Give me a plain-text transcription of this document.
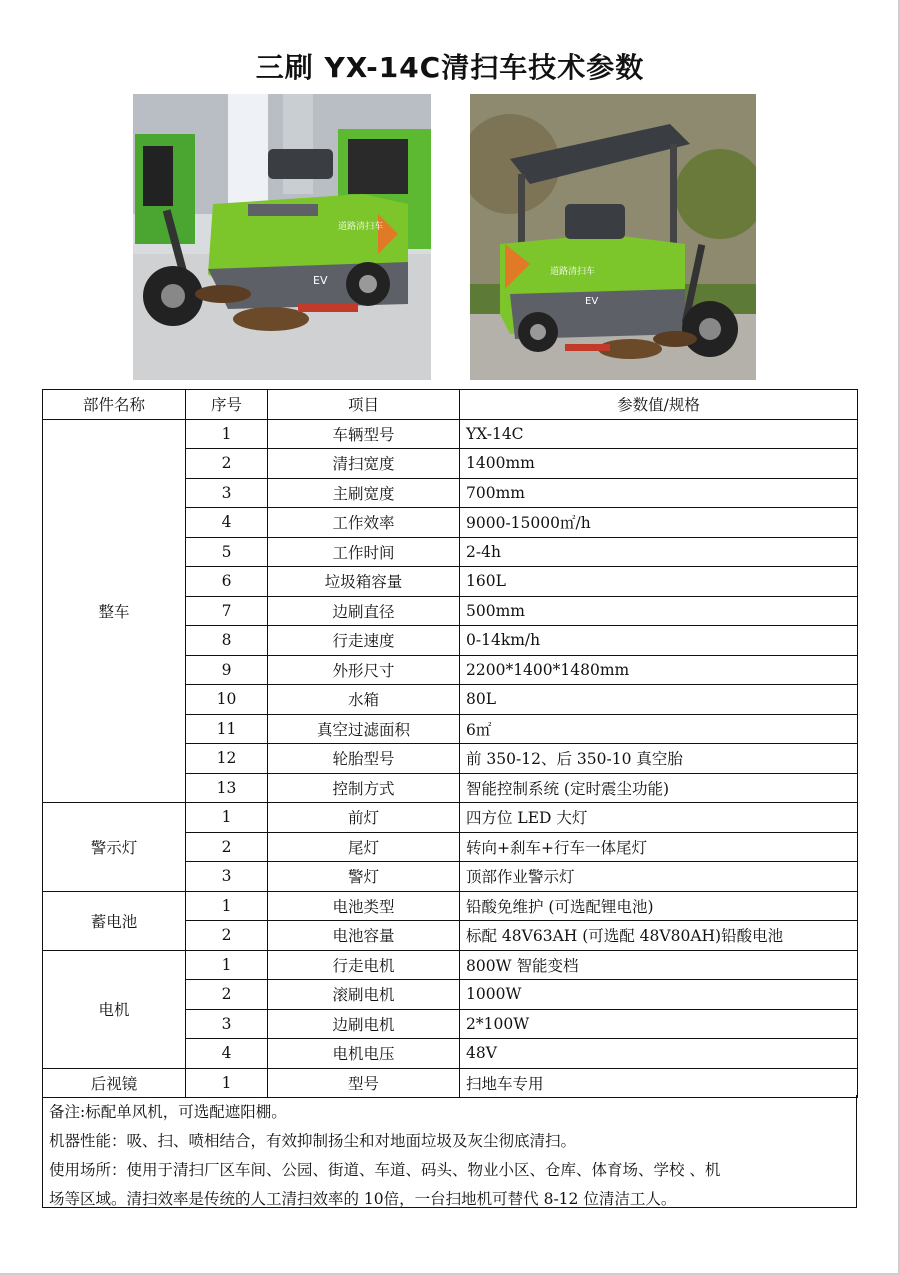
三刷 YX-14C清扫车技术参数
道路清扫车
EV
道路清扫车
EV
部件名称	序号	项目	参数值/规格
整车	1	车辆型号	YX-14C
	2	清扫宽度	1400mm
	3	主刷宽度	700mm
	4	工作效率	9000-15000㎡/h
	5	工作时间	2-4h
	6	垃圾箱容量	160L
	7	边刷直径	500mm
	8	行走速度	0-14km/h
	9	外形尺寸	2200*1400*1480mm
	10	水箱	80L
	11	真空过滤面积	6㎡
	12	轮胎型号	前 350-12、后 350-10 真空胎
	13	控制方式	智能控制系统 (定时震尘功能)
警示灯	1	前灯	四方位 LED 大灯
	2	尾灯	转向+刹车+行车一体尾灯
	3	警灯	顶部作业警示灯
蓄电池	1	电池类型	铅酸免维护 (可选配锂电池)
	2	电池容量	标配 48V63AH (可选配 48V80AH)铅酸电池
电机	1	行走电机	800W 智能变档
	2	滚刷电机	1000W
	3	边刷电机	2*100W
	4	电机电压	48V
后视镜	1	型号	扫地车专用
备注:标配单风机，可选配遮阳棚。
机器性能：吸、扫、喷相结合，有效抑制扬尘和对地面垃圾及灰尘彻底清扫。
使用场所：使用于清扫厂区车间、公园、街道、车道、码头、物业小区、仓库、体育场、学校 、机
场等区域。清扫效率是传统的人工清扫效率的 10倍，一台扫地机可替代 8-12 位清洁工人。
